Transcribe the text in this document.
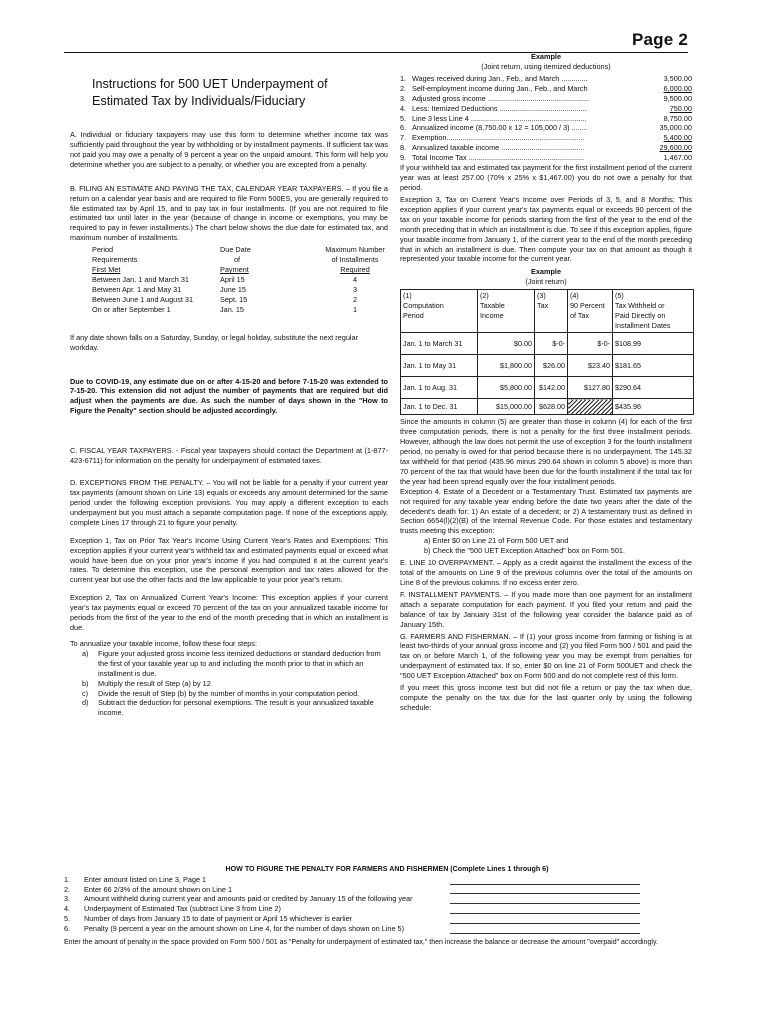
Page 2

Instructions for 500 UET Underpayment of
Estimated Tax by Individuals/Fiduciary

A. Individual or fiduciary taxpayers may use this form to determine whether income tax was sufficiently paid throughout the year by withholding or by installment payments. If sufficient tax was not paid you may owe a penalty of 9 percent a year on the unpaid amount. This form will help you determine whether you are subject to a penalty, or whether you are excepted from a penalty.

B. FILING AN ESTIMATE AND PAYING THE TAX, CALENDAR YEAR TAXPAYERS. – If you file a return on a calendar year basis and are required to file Form 500ES, you are generally required to file estimated tax by April 15, and to pay tax in four installments. (If you are not required to file estimated tax until later in the year (because of change in income or exemptions, you may be required to pay in fewer installments.) The chart below shows the due date for estimated tax, and maximum number of installments.

Period	Due Date	Maximum Number
Requirements	of	of Installments
First Met	Payment	Required
Between Jan. 1 and March 31	April 15	4
Between Apr. 1 and May 31	June 15	3
Between June 1 and August 31	Sept. 15	2
On or after September 1	Jan. 15	1

If any date shown falls on a Saturday, Sunday, or legal holiday, substitute the next regular workday.

Due to COVID-19, any estimate due on or after 4-15-20 and before 7-15-20 was extended to 7-15-20. This extension did not adjust the number of payments that are required but did adjust when the payments are due. As such the number of days shown in the "How to Figure the Penalty" section should be adjusted accordingly.

C. FISCAL YEAR TAXPAYERS. - Fiscal year taxpayers should contact the Department at (1-877-423-6711) for information on the penalty for underpayment of estimated taxes.

D. EXCEPTIONS FROM THE PENALTY. – You will not be liable for a penalty if your current year tax payments (amount shown on Line 13) equals or exceeds any amount determined for the same period under the following exception provisions. You may apply a different exception to each underpayment but you must attach a separate computation page. If none of the exceptions apply, complete Lines 17 through 21 to figure your penalty.

Exception 1, Tax on Prior Tax Year's Income Using Current Year's Rates and Exemptions: This exception applies if your current year's withheld tax and estimated payments equal or exceed what would have been due on your prior year's income if you had computed it at the current year's rates. To determine this exception, use the personal exemption and tax rates allowed for the current year but use the other facts and the law applicable to your prior year's return.

Exception 2, Tax on Annualized Current Year's Income: This exception applies if your current year's tax payments equal or exceed 70 percent of the tax on your annualized taxable income for periods from the first of the year to the end of the month preceding that in which an installment is due.

To annualize your taxable income, follow these four steps:

a)	Figure your adjusted gross income less itemized deductions or standard deduction from the first of your taxable year up to and including the month prior to that in which an installment is due.
b)	Multiply the result of Step (a) by 12
c)	Divide the result of Step (b) by the number of months in your computation period.
d)	Subtract the deduction for personal exemptions. The result is your annualized taxable income.

Example

(Joint return, using itemized deductions)

1. Wages received during Jan., Feb., and March .............	3,500.00
2. Self-employment income during Jan., Feb., and March	6,000.00
3. Adjusted gross income ..................................................	9,500.00
4. Less: Itemized Deductions ...........................................	750.00
5. Line 3 less Line 4 .........................................................	8,750.00
6. Annualized income (8,750.00 x 12 = 105,000 / 3) ........	35,000.00
7. Exemption....................................................................	5,400.00
8. Annualized taxable income .........................................	29,600.00
9. Total Income Tax .........................................................	1,467.00

If your withheld tax and estimated tax payment for the first installment period of the current year was at least 257.00 (70% x 25% x $1,467.00) you do not owe a penalty for that period.

Exception 3, Tax on Current Year's Income over Periods of 3, 5, and 8 Months: This exception applies if your current year's tax payments equal or exceeds 90 percent of the tax on your taxable income for periods starting from the first of the year to the end of the month preceding that in which an installment is due. To see if this exception applies, figure your taxable income from January 1, of the current year to the end of the month preceding that in which an installment is due. Then compute your tax on that amount as though it represented your taxable income for the current year.

Example

(Joint return)

(1)
Computation
Period	(2)
Taxable
Income	(3)
Tax	(4)
90 Percent
of Tax	(5)
Tax Withheld or
Paid Directly on
Installment Dates
Jan. 1 to March 31	$0.00	$-0-	$-0-	$108.99
Jan. 1 to May 31	$1,800.00	$26.00	$23.40	$181.65
Jan. 1 to Aug. 31	$5,800.00	$142.00	$127.80	$290.64
Jan. 1 to Dec. 31	$15,000.00	$628.00		$435.96

Since the amounts in column (5) are greater than those in column (4) for each of the first three computation periods, there is not a penalty for the first three installment periods. However, although the law does not permit the use of exception 3 for the fourth installment period, no penalty is owed for that period because there is no underpayment. The 145.32 tax withheld for that period (435.96 minus 290.64 shown in column 5 above) is more than 70 percent of the tax that would have been due for the fourth installment if the total tax for the year had been spread equally over the four installment periods.

Exception 4. Estate of a Decedent or a Testamentary Trust. Estimated tax payments are not required for any taxable year ending before the date two years after the date of the decedent's death for: 1) An estate of a decedent; or 2) A testamentary trust as defined in Section 6654(l)(2)(B) of the Internal Revenue Code. For those estates and testamentary trusts meeting this exception:

a) Enter $0 on Line 21 of Form 500 UET and

b) Check the "500 UET Exception Attached" box on Form 501.

E. LINE 10 OVERPAYMENT. – Apply as a credit against the installment the excess of the total of the amounts on Line 9 of the previous columns over the total of the amounts on Line 8 of the previous columns. If no excess enter zero.

F. INSTALLMENT PAYMENTS. – If you made more than one payment for an installment attach a separate computation for each payment. If you filed your return and paid the balance of tax by January 31st of the following year consider the balance paid as of January 15th.

G. FARMERS AND FISHERMAN. – If (1) your gross income from farming or fishing is at least two-thirds of your annual gross income and (2) you filed Form 500 / 501 and paid the tax on or before March 1, of the following year you may be exempt from penalties for underpayment of estimated tax. If so, enter $0 on line 21 of Form 500UET and check the "500 UET Exception Attached" box on Form 500 and do not complete rest of this form.

If you meet this gross income test but did not file a return or pay the tax when due, compute the penalty on the tax due for the last quarter only by using the following schedule:

HOW TO FIGURE THE PENALTY FOR FARMERS AND FISHERMEN (Complete Lines 1 through 6)
1.	Enter amount listed on Line 3, Page 1
2.	Enter 66 2/3% of the amount shown on Line 1
3.	Amount withheld during current year and amounts paid or credited by January 15 of the following year
4.	Underpayment of Estimated Tax (subtract Line 3 from Line 2)
5.	Number of days from January 15 to date of payment or April 15 whichever is earlier
6.	Penalty (9 percent a year on the amount shown on Line 4, for the number of days shown on Line 5)

Enter the amount of penalty in the space provided on Form 500 / 501 as "Penalty for underpayment of estimated tax," then increase the balance or decrease the amount "overpaid" accordingly.
